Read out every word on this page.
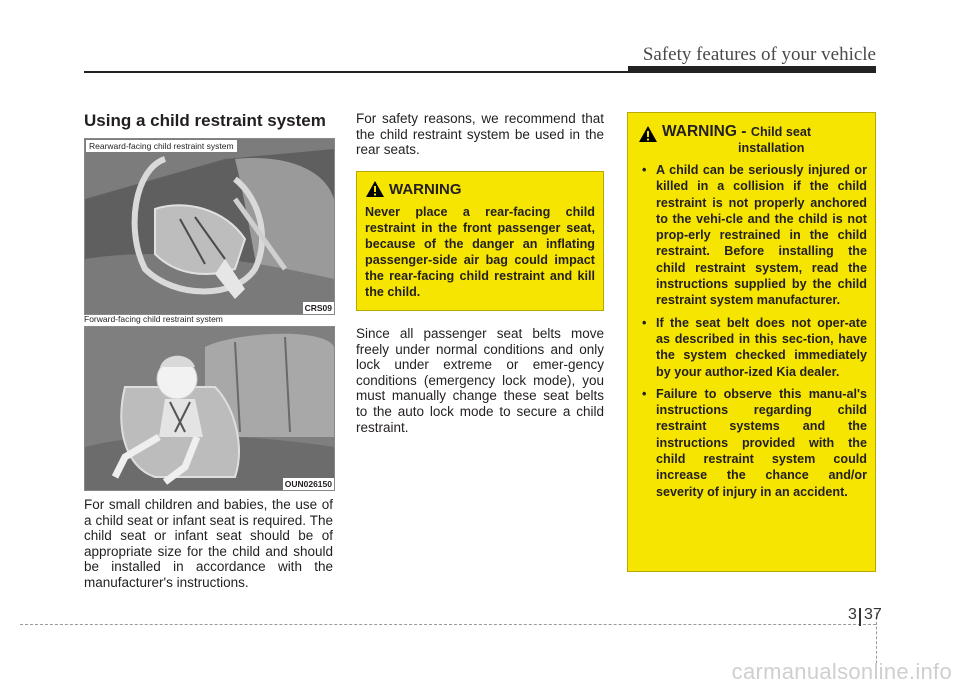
Safety features of your vehicle
Using a child restraint system
Rearward-facing child restraint system
CRS09
OUN026150
Forward-facing child restraint system

For small children and babies, the use of a child seat or infant seat is required. The child seat or infant seat should be of appropriate size for the child and should be installed in accordance with the manufacturer's instructions.

For safety reasons, we recommend that the child restraint system be used in the rear seats.

WARNING

Never place a rear-facing child restraint in the front passenger seat, because of the danger an inflating passenger-side air bag could impact the rear-facing child restraint and kill the child.

Since all passenger seat belts move freely under normal conditions and only lock under extreme or emer-gency conditions (emergency lock mode), you must manually change these seat belts to the auto lock mode to secure a child restraint.

WARNING - Child seat
installation
• A child can be seriously injured or killed in a collision if the child restraint is not properly anchored to the vehi-cle and the child is not prop-erly restrained in the child restraint. Before installing the child restraint system, read the instructions supplied by the child restraint system manufacturer.
• If the seat belt does not oper-ate as described in this sec-tion, have the system checked immediately by your author-ized Kia dealer.
• Failure to observe this manu-al's instructions regarding child restraint systems and the instructions provided with the child restraint system could increase the chance and/or severity of injury in an accident.
3 37
carmanualsonline.info
